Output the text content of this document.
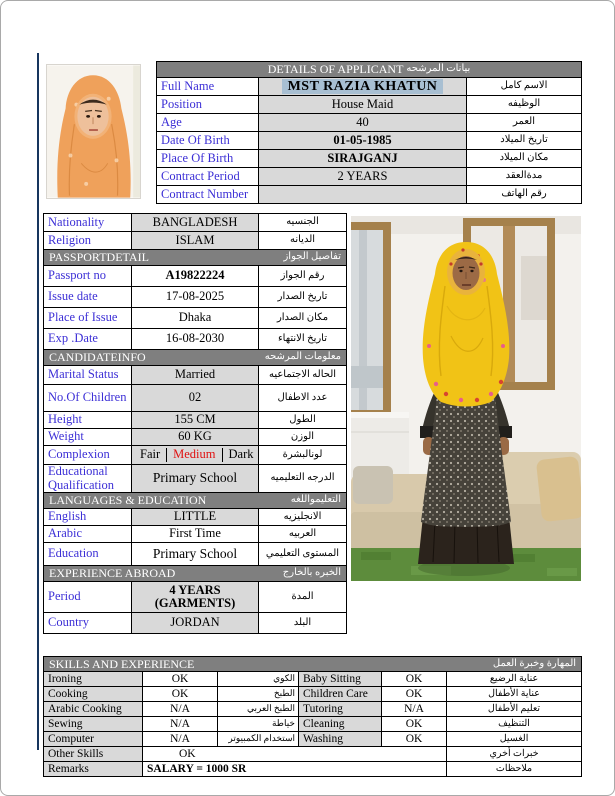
DETAILS OF APPLICANT بيانات المرشحه		

Full Name	MST RAZIA KHATUN	الاسم كامل
Position	House Maid	الوظيفه
Age	40	العمر
Date Of Birth	01-05-1985	تاريخ الميلاد
Place Of Birth	SIRAJGANJ	مكان الميلاد
Contract Period	2 YEARS	مدةالعقد
Contract Number		رقم الهاتف
Nationality	BANGLADESH	الجنسيه
Religion	ISLAM	الديانه

PASSPORTDETAIL تفاصيل الجواز		

Passport no	A19822224	رقم الجواز
Issue date	17-08-2025	تاريخ الصدار
Place of Issue	Dhaka	مكان الصدار
Exp .Date	16-08-2030	تاريخ الانتهاء

CANDIDATEINFO معلومات المرشحه		

Marital Status	Married	الحاله الاجتماعيه
No.Of Children	02	عدد الاطفال
Height	155 CM	الطول
Weight	60 KG	الوزن
Complexion	Fair Medium Dark	لونالبشرة
Educational Qualification	Primary School	الدرجه التعليميه

LANGUAGES & EDUCATION التعليمواللغه		

English	LITTLE	الانجليزيه
Arabic	First Time	العربيه
Education	Primary School	المستوى التعليمي

EXPERIENCE ABROAD الخبره بالخارج		

Period	4 YEARS (GARMENTS)	المدة
Country	JORDAN	البلد
SKILLS AND EXPERIENCE المهارة وخبرة العمل					

Ironing	OK	الكوي	Baby Sitting	OK	عناية الرضيع
Cooking	OK	الطبخ	Children Care	OK	عناية الأطفال
Arabic Cooking	N/A	الطبخ العربي	Tutoring	N/A	تعليم الأطفال
Sewing	N/A	خياطة	Cleaning	OK	التنظيف
Computer	N/A	استخدام الكمبيوتر	Washing	OK	الغسيل
Other Skills	OK				خبرات أخري
Remarks	SALARY = 1000 SR				ملاحظات
